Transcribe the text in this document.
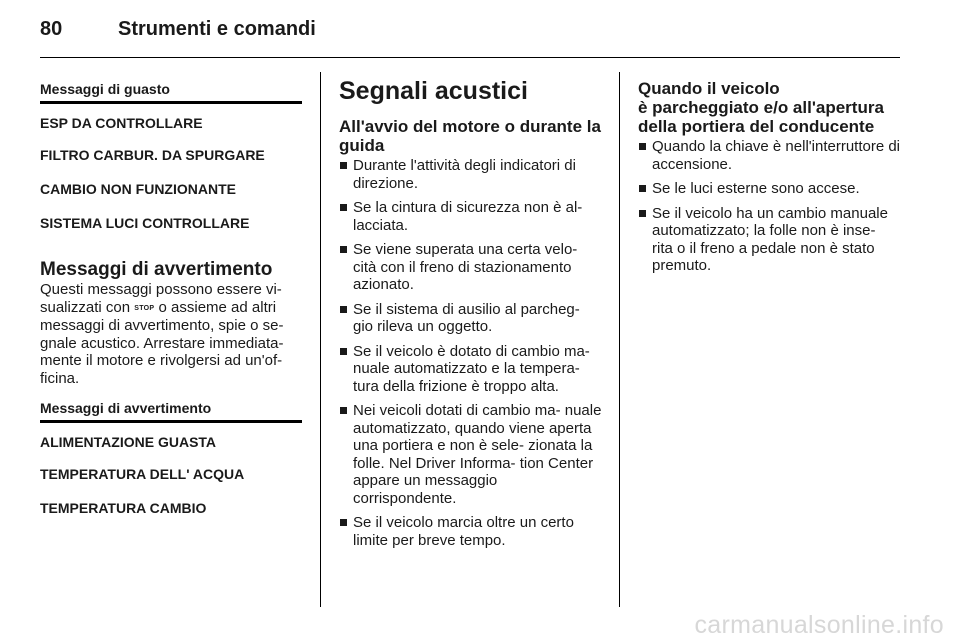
80	Strumenti e comandi
Messaggi di guasto
ESP DA CONTROLLARE
FILTRO CARBUR. DA SPURGARE
CAMBIO NON FUNZIONANTE
SISTEMA LUCI CONTROLLARE
Messaggi di avvertimento

Questi messaggi possono essere vi- sualizzati con STOP o assieme ad altri messaggi di avvertimento, spie o se- gnale acustico. Arrestare immediata- mente il motore e rivolgersi ad un'of- ficina.

Messaggi di avvertimento
ALIMENTAZIONE GUASTA
TEMPERATURA DELL' ACQUA
TEMPERATURA CAMBIO
Segnali acustici
All'avvio del motore o durante la guida
Durante l'attività degli indicatori di direzione.
Se la cintura di sicurezza non è al- lacciata.
Se viene superata una certa velo- cità con il freno di stazionamento azionato.
Se il sistema di ausilio al parcheg- gio rileva un oggetto.
Se il veicolo è dotato di cambio ma- nuale automatizzato e la tempera- tura della frizione è troppo alta.
Nei veicoli dotati di cambio ma- nuale automatizzato, quando viene aperta una portiera e non è sele- zionata la folle. Nel Driver Informa- tion Center appare un messaggio corrispondente.
Se il veicolo marcia oltre un certo limite per breve tempo.
Quando il veicolo
è parcheggiato e/o all'apertura della portiera del conducente
Quando la chiave è nell'interruttore di accensione.
Se le luci esterne sono accese.
Se il veicolo ha un cambio manuale automatizzato; la folle non è inse- rita o il freno a pedale non è stato premuto.
carmanualsonline.info
